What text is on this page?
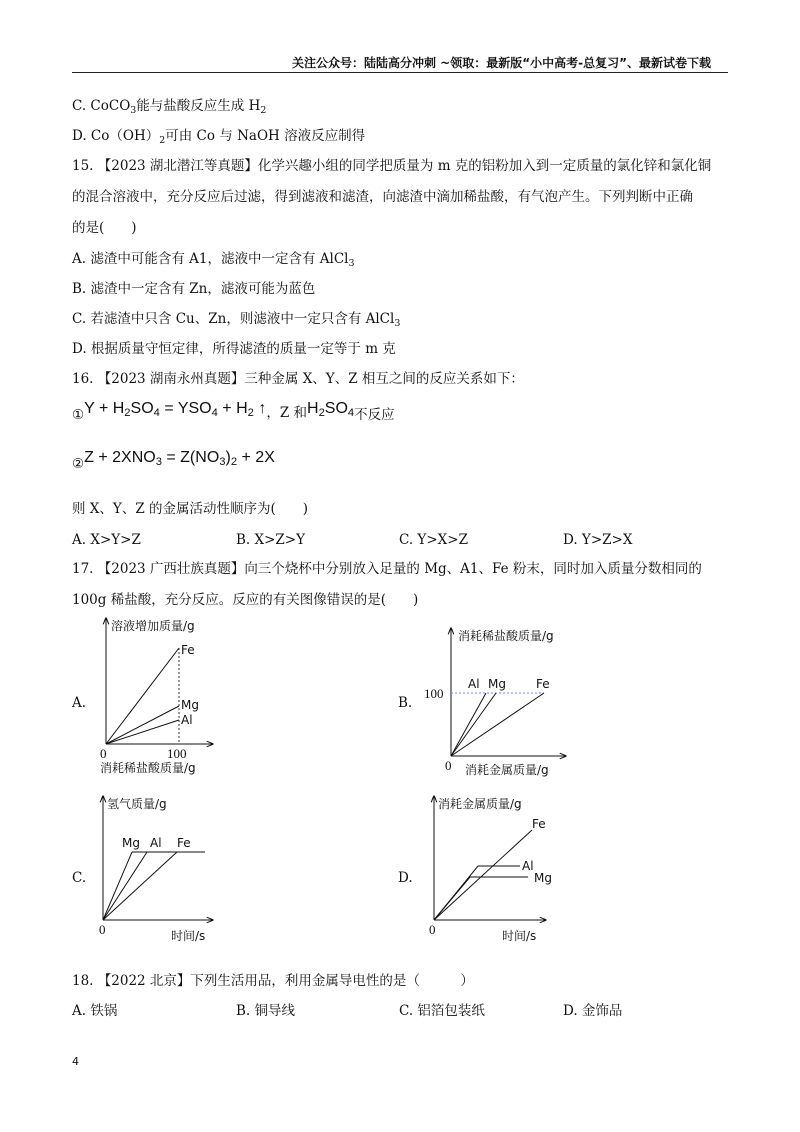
关注公众号：陆陆高分冲刺 ~领取：最新版“小中高考-总复习”、最新试卷下载
C. CoCO$_3$能与盐酸反应生成 $H_2$
D. $Co(OH)_2$可由 Co 与 NaOH 溶液反应制得
15. 【2023 湖北潜江等真题】化学兴趣小组的同学把质量为 m 克的铝粉加入到一定质量的氯化锌和氯化铜
的混合溶液中，充分反应后过滤，得到滤液和滤渣，向滤渣中滴加稀盐酸，有气泡产生。下列判断中正确
的是(　　)
A. 滤渣中可能含有 A1，滤液中一定含有 AlCl$_3$
B. 滤渣中一定含有 Zn，滤液可能为蓝色
C. 若滤渣中只含 Cu、Zn，则滤液中一定只含有 AlCl$_3$
D. 根据质量守恒定律，所得滤渣的质量一定等于 m 克
16. 【2023 湖南永州真题】三种金属 X、Y、Z 相互之间的反应关系如下：
①Y + $H_2SO_4 = YSO_4 + H_2$ ↑，Z 和$H_2SO_4$不反应
$_②Z + 2XNO_3 = Z(NO_3)_2 + 2X$
则 X、Y、Z 的金属活动性顺序为(　　)
A. X>Y>Z	B. X>Z>Y	C. Y>X>Z	D. Y>Z>X
17. 【2023 广西壮族真题】向三个烧杯中分别放入足量的 Mg、A1、Fe 粉末，同时加入质量分数相同的
100g 稀盐酸，充分反应。反应的有关图像错误的是(　　)
A.
溶液增加质量/g
消耗稀盐酸质量/g
0	100
Fe
Mg
Al
B.
消耗稀盐酸质量/g
消耗金属质量/g
0
100
Al Mg	Fe
C.
氢气质量/g
时间/s
0
Mg Al Fe
D.
消耗金属质量/g
时间/s
0
Fe
Al
Mg
18. 【2022 北京】下列生活用品，利用金属导电性的是（　　　）
A. 铁锅	B. 铜导线	C. 铝箔包装纸	D. 金饰品
4
